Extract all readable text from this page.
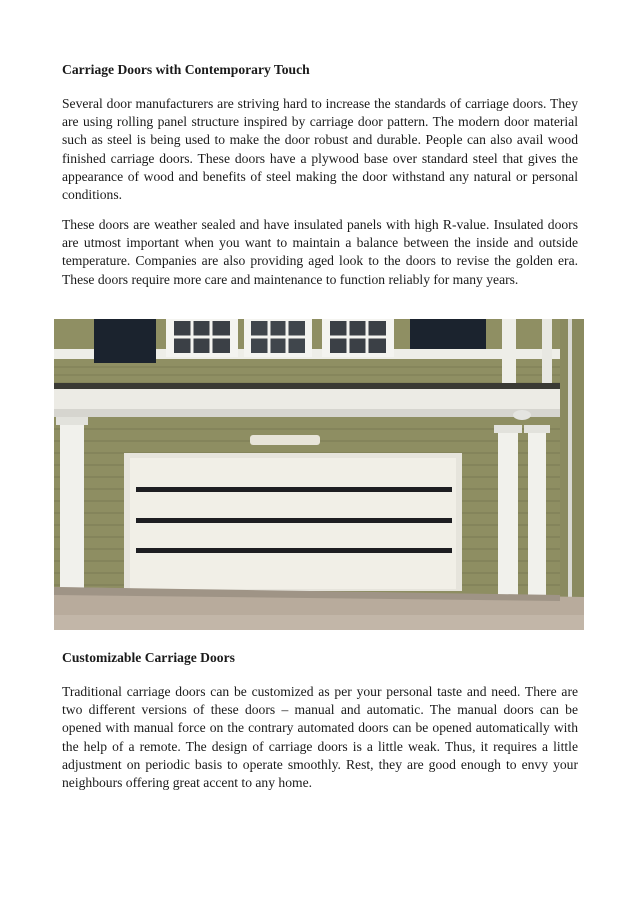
Carriage Doors with Contemporary Touch

Several door manufacturers are striving hard to increase the standards of carriage doors. They are using rolling panel structure inspired by carriage door pattern. The modern door material such as steel is being used to make the door robust and durable. People can also avail wood finished carriage doors. These doors have a plywood base over standard steel that gives the appearance of wood and benefits of steel making the door withstand any natural or personal conditions.

These doors are weather sealed and have insulated panels with high R-value. Insulated doors are utmost important when you want to maintain a balance between the inside and outside temperature. Companies are also providing aged look to the doors to revise the golden era. These doors require more care and maintenance to function reliably for many years.

Customizable Carriage Doors

Traditional carriage doors can be customized as per your personal taste and need. There are two different versions of these doors – manual and automatic. The manual doors can be opened with manual force on the contrary automated doors can be opened automatically with the help of a remote. The design of carriage doors is a little weak. Thus, it requires a little adjustment on periodic basis to operate smoothly. Rest, they are good enough to envy your neighbours offering great accent to any home.
